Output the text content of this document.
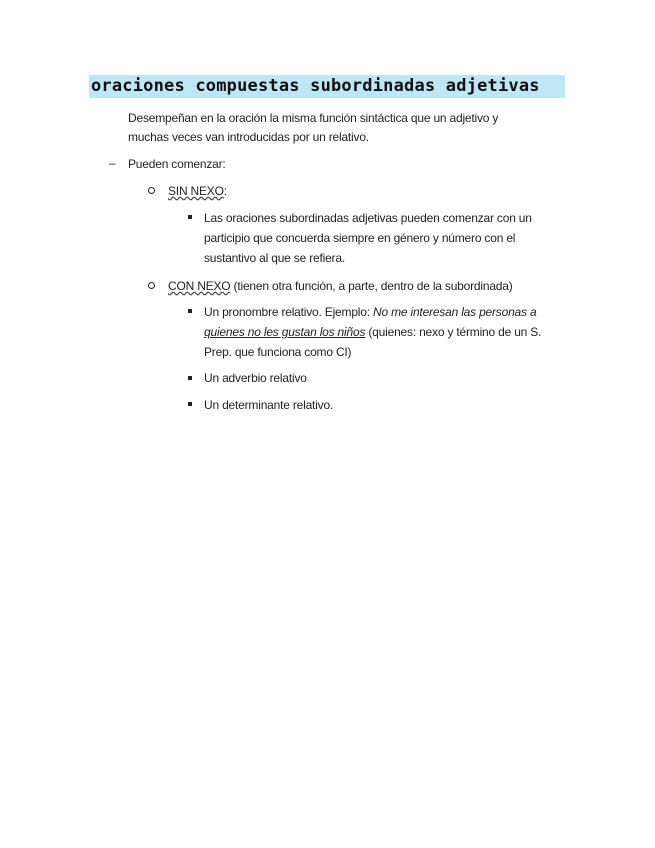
oraciones compuestas subordinadas adjetivas
Desempeñan en la oración la misma función sintáctica que un adjetivo y
muchas veces van introducidas por un relativo.
– Pueden comenzar:
SIN NEXO:
Las oraciones subordinadas adjetivas pueden comenzar con un
participio que concuerda siempre en género y número con el
sustantivo al que se refiera.
CON NEXO (tienen otra función, a parte, dentro de la subordinada)
Un pronombre relativo. Ejemplo: No me interesan las personas a
quienes no les gustan los niños (quienes: nexo y término de un S.
Prep. que funciona como CI)
Un adverbio relativo
Un determinante relativo.
